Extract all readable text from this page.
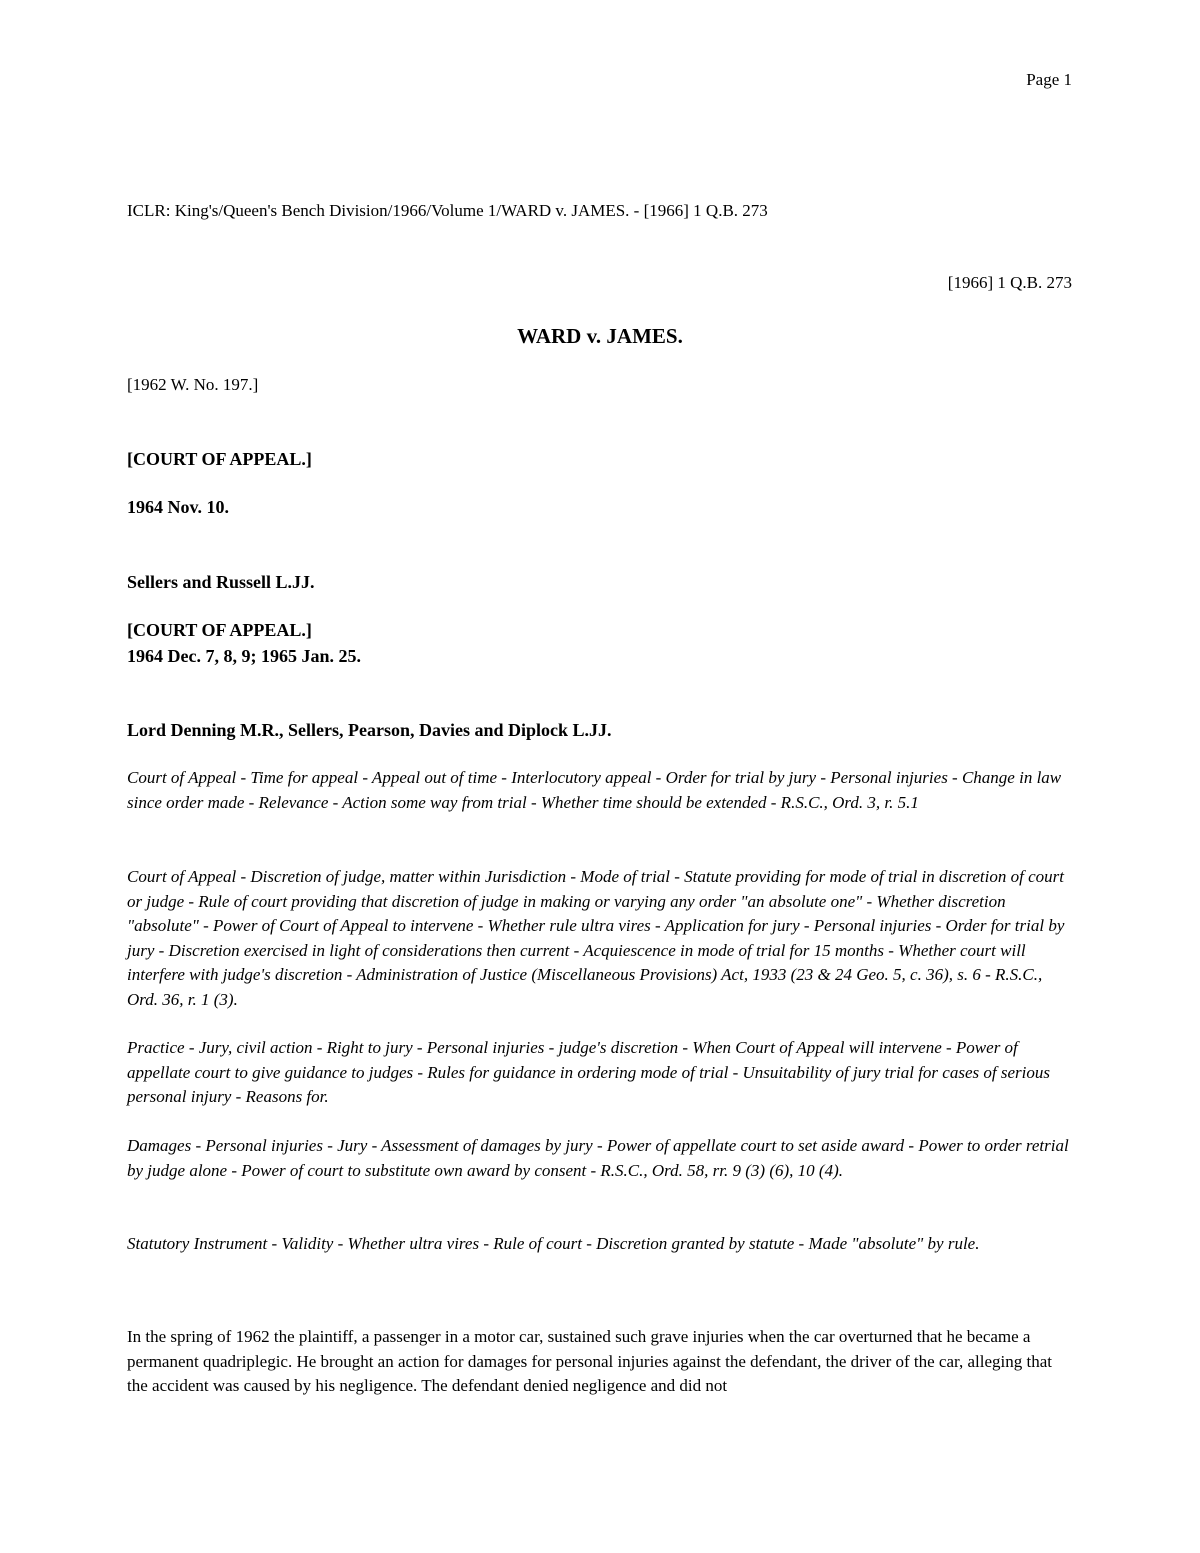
Page 1
ICLR: King's/Queen's Bench Division/1966/Volume 1/WARD v. JAMES. - [1966] 1 Q.B. 273
[1966] 1 Q.B. 273
WARD v. JAMES.
[1962 W. No. 197.]
[COURT OF APPEAL.]
1964 Nov. 10.
Sellers and Russell L.JJ.
[COURT OF APPEAL.]
1964 Dec. 7, 8, 9; 1965 Jan. 25.
Lord Denning M.R., Sellers, Pearson, Davies and Diplock L.JJ.
Court of Appeal - Time for appeal - Appeal out of time - Interlocutory appeal - Order for trial by jury - Personal injuries - Change in law since order made - Relevance - Action some way from trial - Whether time should be extended - R.S.C., Ord. 3, r. 5.1
Court of Appeal - Discretion of judge, matter within Jurisdiction - Mode of trial - Statute providing for mode of trial in discretion of court or judge - Rule of court providing that discretion of judge in making or varying any order "an absolute one" - Whether discretion "absolute" - Power of Court of Appeal to intervene - Whether rule ultra vires - Application for jury - Personal injuries - Order for trial by jury - Discretion exercised in light of considerations then current - Acquiescence in mode of trial for 15 months - Whether court will interfere with judge's discretion - Administration of Justice (Miscellaneous Provisions) Act, 1933 (23 & 24 Geo. 5, c. 36), s. 6 - R.S.C., Ord. 36, r. 1 (3).
Practice - Jury, civil action - Right to jury - Personal injuries - judge's discretion - When Court of Appeal will intervene - Power of appellate court to give guidance to judges - Rules for guidance in ordering mode of trial - Unsuitability of jury trial for cases of serious personal injury - Reasons for.
Damages - Personal injuries - Jury - Assessment of damages by jury - Power of appellate court to set aside award - Power to order retrial by judge alone - Power of court to substitute own award by consent - R.S.C., Ord. 58, rr. 9 (3) (6), 10 (4).
Statutory Instrument - Validity - Whether ultra vires - Rule of court - Discretion granted by statute - Made "absolute" by rule.
In the spring of 1962 the plaintiff, a passenger in a motor car, sustained such grave injuries when the car overturned that he became a permanent quadriplegic. He brought an action for damages for personal injuries against the defendant, the driver of the car, alleging that the accident was caused by his negligence. The defendant denied negligence and did not
